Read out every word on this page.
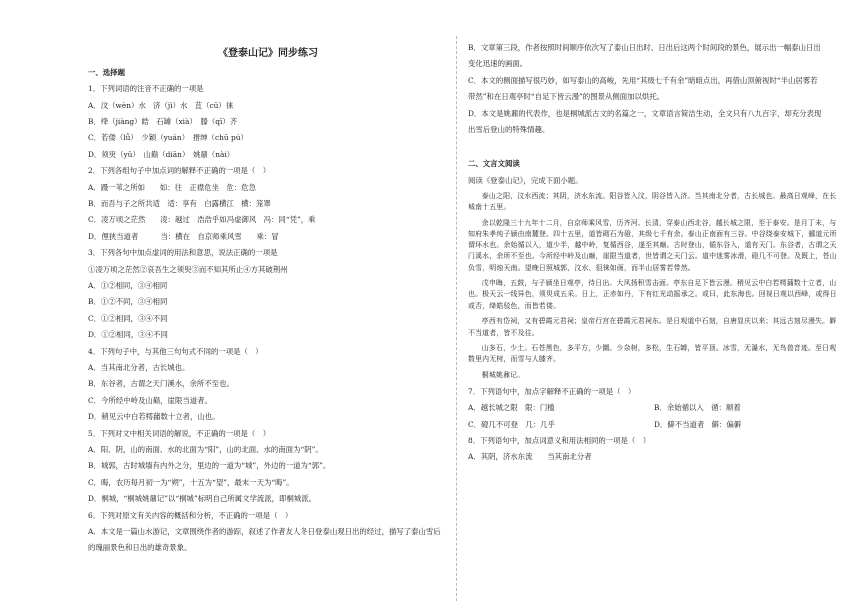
《登泰山记》同步练习
一、选择题
1．下列词语的注音不正确的一项是
A．汶（wèn）水　济（jì）水　苴（cū）徕
B．绛（jiàng）皓　石罅（xià）　滕（qī）齐
C．若偻（lǚ）　少颖（yuán）　搢绅（chū pú）
D．须臾（yǔ）　山巅（diān）　姚鼐（nài）
2．下列各组句子中加点词的解释不正确的一项是（　）
A．蹑一苇之所如　　如：往　正襟危坐　危：危急
B．而吾与子之所共适　适：享有　白露横江　横：笼罩
C．凌万顷之茫然　　凌：越过　浩浩乎如冯虚御风　冯：同“凭”，乘
D．俚狭当道者　　　当：横在　自京师乘风雪　　乘：冒
3．下列各句中加点虚词的用法和意思，说法正确的一项是
①凌万顷之茫然②哀吾生之须臾③而不知其所止④方其破荆州
A．①②相同，③④相同
B．①②不同，③④相同
C．①②相同，③④不同
D．①②相同，③④不同
4．下列句子中，与其他三句句式不同的一项是（　）
A．当其南北分者，古长城也。
B．东谷者，古谓之天门溪水，余所不至也。
C．今所经中岭及山巅，崖限当道者。
D．稍见云中白若樗蒱数十立者，山也。
5．下列对文中相关词语的解说，不正确的一项是（　）
A．阳、阴，山的南面、水的北面为“阳”，山的北面、水的南面为“阴”。
B．城郭，古时城墙有内外之分，里边的一道为“城”，外边的一道为“郭”。
C．晦，农历每月初一为“朔”，十五为“望”，最末一天为“晦”。
D．桐城，“桐城姚鼐记”以“桐城”标明自己所属文学流派，即桐城派。
6．下列对原文有关内容的概括和分析，不正确的一项是（　）
A．本文是一篇山水游记，文章围绕作者的游踪，叙述了作者友人冬日登泰山观日出的经过，描写了泰山雪后
的瑰丽景色和日出的雄奇景象。
B．文章第三段，作者按照时间顺序依次写了泰山日出时、日出后这两个时间段的景色，展示出一幅泰山日出
变化迅速的画面。
C．本文的侧面描写很巧妙，如写泰山的高峻，先用“其级七千有余”暗暗点出，再借山顶俯视时“半山居雾若
带然”和在日观亭时“自足下皆云漫”的图景从侧面加以烘托。
D．本文是姚鼐的代表作，也是桐城派古文的名篇之一，文章语言简洁生动，全文只有八九百字，却充分表现
出雪后登山的特殊情趣。
二、文言文阅读
阅读《登泰山记》，完成下面小题。

泰山之阳，汶水西流；其阴，济水东流。阳谷皆入汶，阴谷皆入济。当其南北分者，古长城也。最高日观峰，在长城南十五里。

余以乾隆三十九年十二月，自京师乘风雪，历齐河、长清，穿泰山西北谷，越长城之限，至于泰安。是月丁未，与知府朱孝纯子颍由南麓登。四十五里，道皆砌石为磴，其级七千有余。泰山正南面有三谷。中谷绕泰安城下，郦道元所谓环水也。余始循以入，道少半，越中岭，复循西谷，遂至其巅。古时登山，循东谷入，道有天门。东谷者，古谓之天门溪水，余所不至也。今所经中岭及山巅，崖限当道者，世皆谓之天门云。道中迷雾冰滑，磴几不可登。及既上，苍山负雪，明烛天南。望晚日照城郭，汶水、徂徕如画，而半山居雾若带然。

戊申晦，五鼓，与子颍坐日观亭，待日出。大风扬积雪击面。亭东自足下皆云漫。稍见云中白若樗蒱数十立者，山也。极天云一线异色，须臾成五采。日上，正赤如丹，下有红光动摇承之。或曰，此东海也。回视日观以西峰，或得日或否，绛皓驳色，而皆若偻。

亭西有岱祠，又有碧霞元君祠；皇帝行宫在碧霞元君祠东。是日观道中石刻，自唐显庆以来；其远古刻尽漫失。僻不当道者，皆不及往。

山多石，少土。石苍黑色，多平方，少圜。少杂树，多松，生石罅，皆平顶。冰雪，无瀑水，无鸟兽音迹。至日观数里内无树，而雪与人膝齐。

桐城姚鼐记。

7．下列语句中，加点字解释不正确的一项是（　）
A．越长城之限　限：门槛	B．余始循以入　循：顺着
C．磴几不可登　几：几乎	D．僻不当道者　僻：偏僻
8．下列语句中，加点词意义和用法相同的一项是（　）
A．其阴，济水东流　　当其南北分者
